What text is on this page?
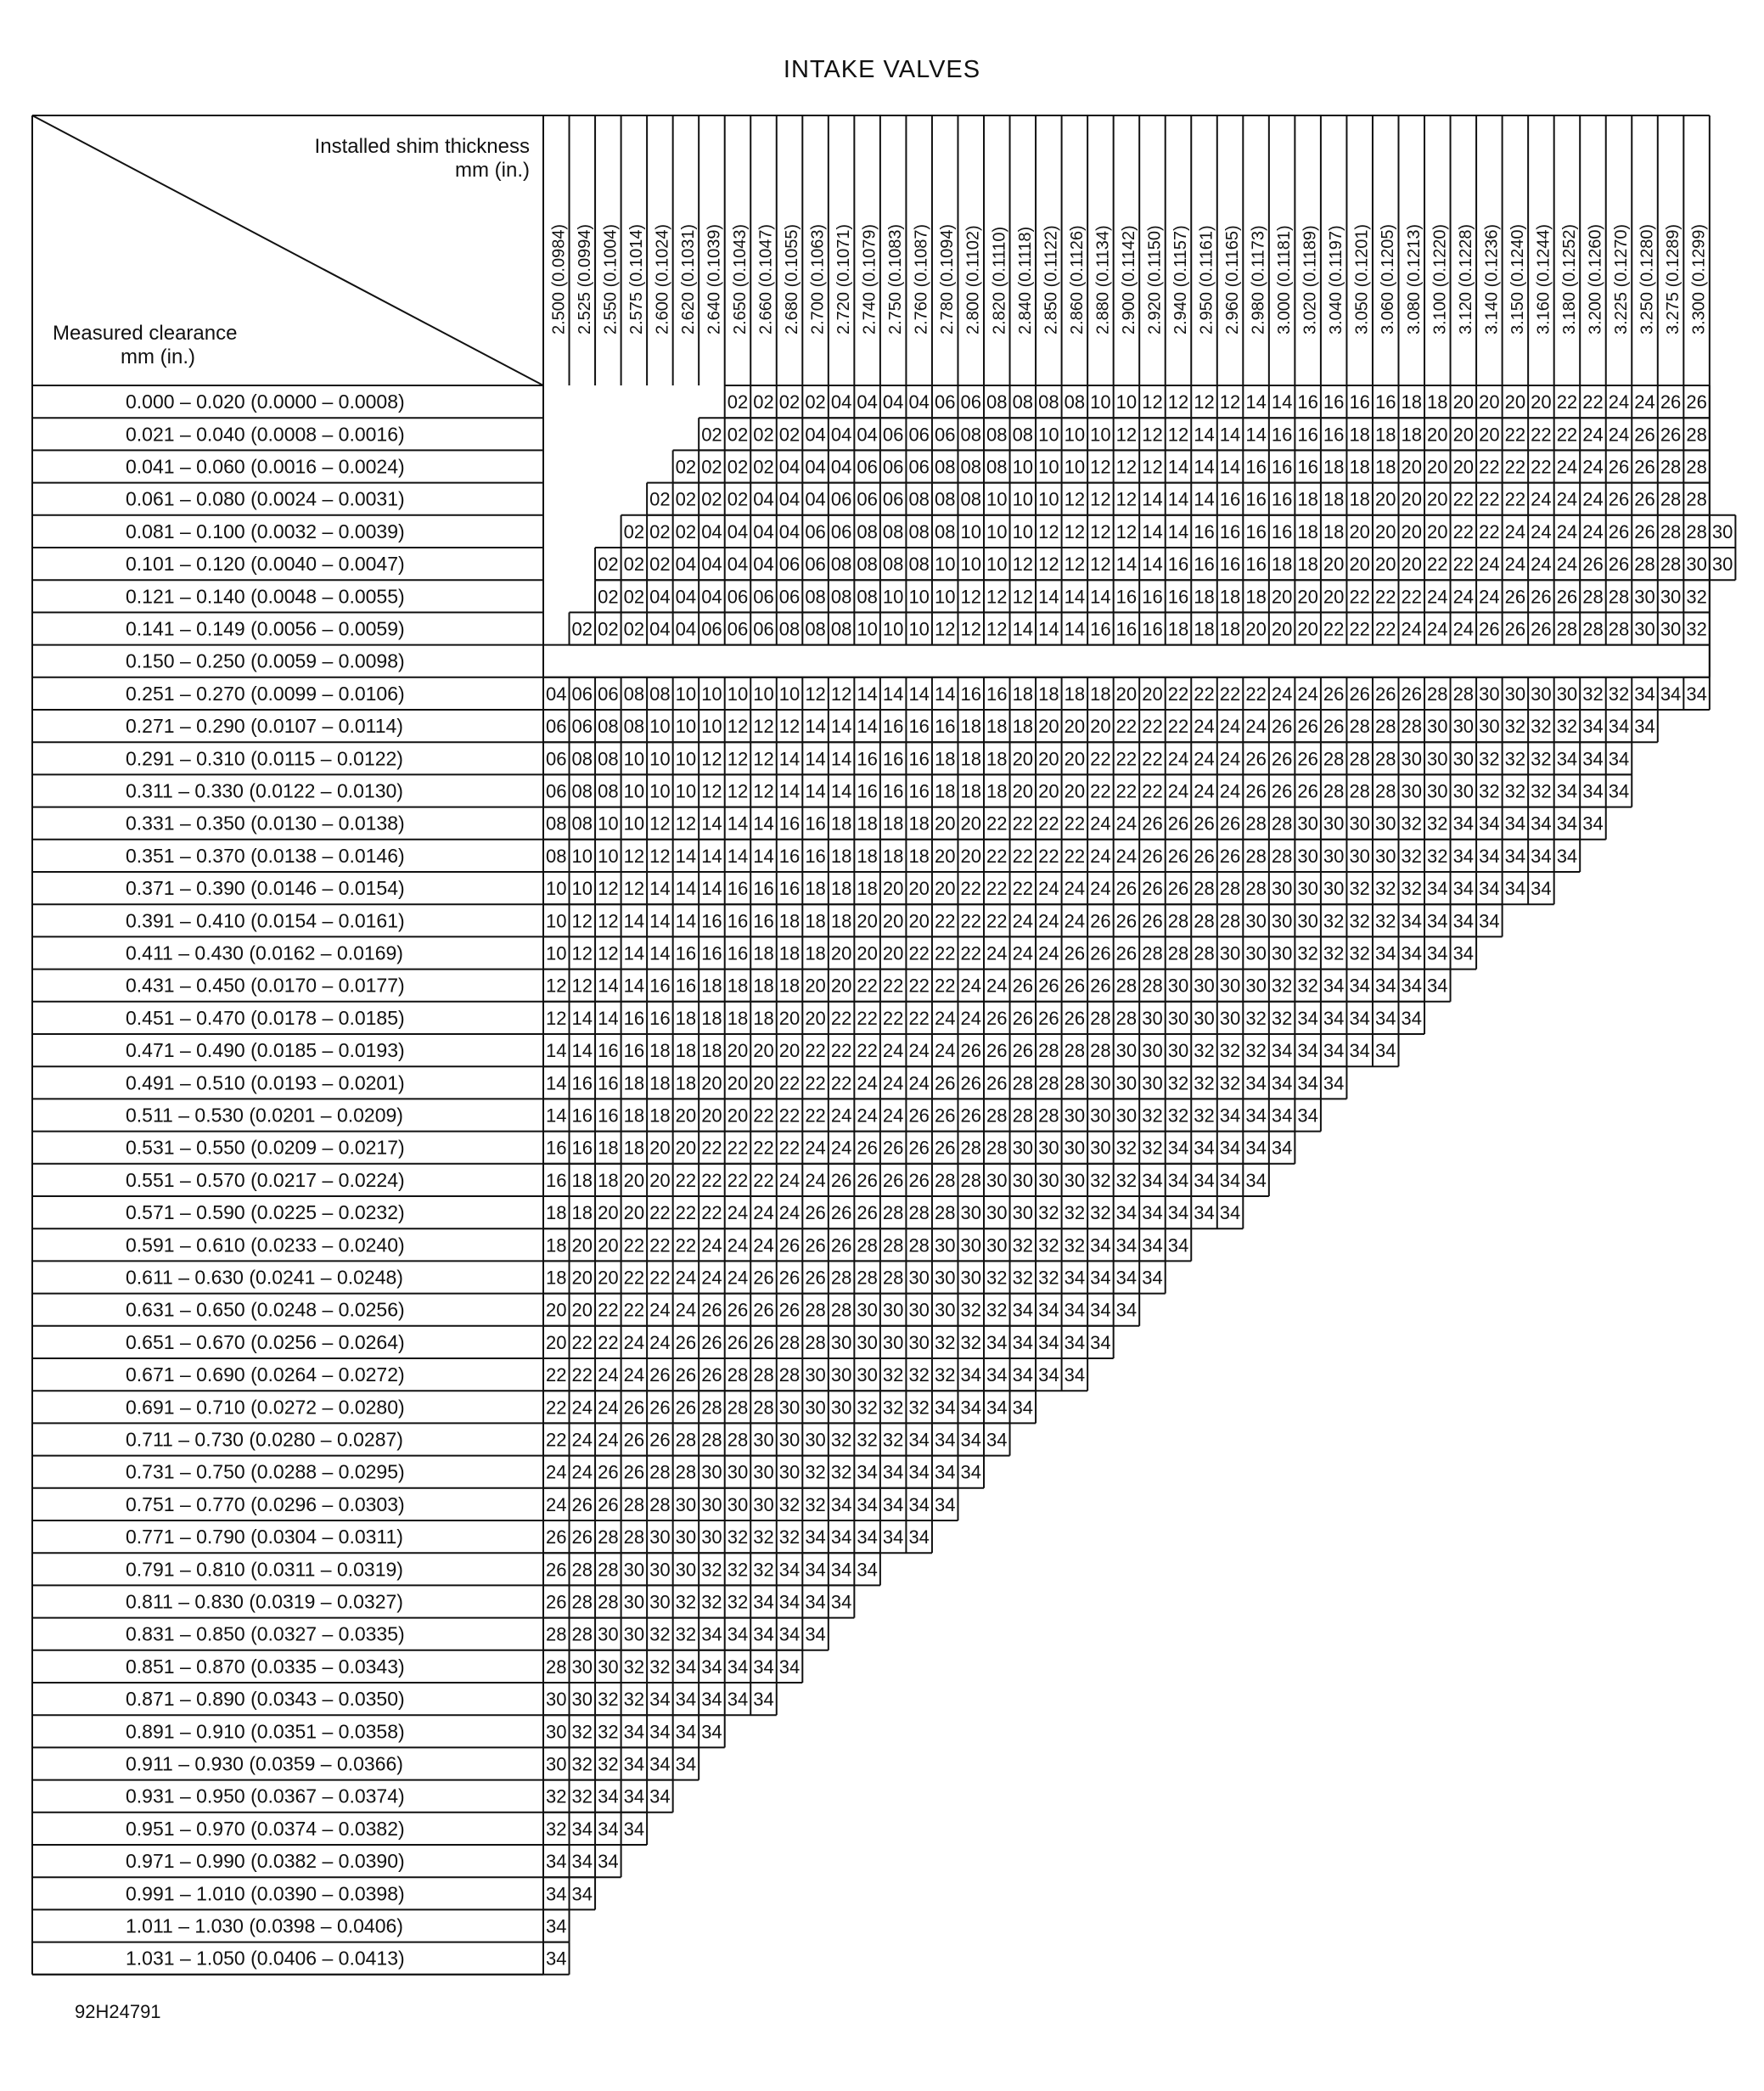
INTAKE VALVES
Installed shim thickness
mm (in.)
Measured clearance
mm (in.)
2.500 (0.0984) 2.525 (0.0994) 2.550 (0.1004) 2.575 (0.1014) 2.600 (0.1024) 2.620 (0.1031) 2.640 (0.1039) 2.650 (0.1043) 2.660 (0.1047) 2.680 (0.1055) 2.700 (0.1063) 2.720 (0.1071) 2.740 (0.1079) 2.750 (0.1083) 2.760 (0.1087) 2.780 (0.1094) 2.800 (0.1102) 2.820 (0.1110) 2.840 (0.1118) 2.850 (0.1122) 2.860 (0.1126) 2.880 (0.1134) 2.900 (0.1142) 2.920 (0.1150) 2.940 (0.1157) 2.950 (0.1161) 2.960 (0.1165) 2.980 (0.1173) 3.000 (0.1181) 3.020 (0.1189) 3.040 (0.1197) 3.050 (0.1201) 3.060 (0.1205) 3.080 (0.1213) 3.100 (0.1220) 3.120 (0.1228) 3.140 (0.1236) 3.150 (0.1240) 3.160 (0.1244) 3.180 (0.1252) 3.200 (0.1260) 3.225 (0.1270) 3.250 (0.1280) 3.275 (0.1289) 3.300 (0.1299)
0.000 – 0.020 (0.0000 – 0.0008)
0.021 – 0.040 (0.0008 – 0.0016)
0.041 – 0.060 (0.0016 – 0.0024)
0.061 – 0.080 (0.0024 – 0.0031)
0.081 – 0.100 (0.0032 – 0.0039)
0.101 – 0.120 (0.0040 – 0.0047)
0.121 – 0.140 (0.0048 – 0.0055)
0.141 – 0.149 (0.0056 – 0.0059)
0.150 – 0.250 (0.0059 – 0.0098)
0.251 – 0.270 (0.0099 – 0.0106)
0.271 – 0.290 (0.0107 – 0.0114)
0.291 – 0.310 (0.0115 – 0.0122)
0.311 – 0.330 (0.0122 – 0.0130)
0.331 – 0.350 (0.0130 – 0.0138)
0.351 – 0.370 (0.0138 – 0.0146)
0.371 – 0.390 (0.0146 – 0.0154)
0.391 – 0.410 (0.0154 – 0.0161)
0.411 – 0.430 (0.0162 – 0.0169)
0.431 – 0.450 (0.0170 – 0.0177)
0.451 – 0.470 (0.0178 – 0.0185)
0.471 – 0.490 (0.0185 – 0.0193)
0.491 – 0.510 (0.0193 – 0.0201)
0.511 – 0.530 (0.0201 – 0.0209)
0.531 – 0.550 (0.0209 – 0.0217)
0.551 – 0.570 (0.0217 – 0.0224)
0.571 – 0.590 (0.0225 – 0.0232)
0.591 – 0.610 (0.0233 – 0.0240)
0.611 – 0.630 (0.0241 – 0.0248)
0.631 – 0.650 (0.0248 – 0.0256)
0.651 – 0.670 (0.0256 – 0.0264)
0.671 – 0.690 (0.0264 – 0.0272)
0.691 – 0.710 (0.0272 – 0.0280)
0.711 – 0.730 (0.0280 – 0.0287)
0.731 – 0.750 (0.0288 – 0.0295)
0.751 – 0.770 (0.0296 – 0.0303)
0.771 – 0.790 (0.0304 – 0.0311)
0.791 – 0.810 (0.0311 – 0.0319)
0.811 – 0.830 (0.0319 – 0.0327)
0.831 – 0.850 (0.0327 – 0.0335)
0.851 – 0.870 (0.0335 – 0.0343)
0.871 – 0.890 (0.0343 – 0.0350)
0.891 – 0.910 (0.0351 – 0.0358)
0.911 – 0.930 (0.0359 – 0.0366)
0.931 – 0.950 (0.0367 – 0.0374)
0.951 – 0.970 (0.0374 – 0.0382)
0.971 – 0.990 (0.0382 – 0.0390)
0.991 – 1.010 (0.0390 – 0.0398)
1.011 – 1.030 (0.0398 – 0.0406)
1.031 – 1.050 (0.0406 – 0.0413)
02 02 02 02 04 04 04 04 06 06 08 08 08 08 10 10 12 12 12 12 14 14 16 16 16 16 18 18 20 20 20 20 22 22 24 24 26 26
02 02 02 02 04 04 04 06 06 06 08 08 08 10 10 10 12 12 12 14 14 14 16 16 16 18 18 18 20 20 20 22 22 22 24 24 26 26 28
02 02 02 02 04 04 04 06 06 06 08 08 08 10 10 10 12 12 12 14 14 14 16 16 16 18 18 18 20 20 20 22 22 22 24 24 26 26 28 28
02 02 02 02 04 04 04 06 06 06 08 08 08 10 10 10 12 12 12 14 14 14 16 16 16 18 18 18 20 20 20 22 22 22 24 24 24 26 26 28 28
02 02 02 04 04 04 04 06 06 08 08 08 08 10 10 10 12 12 12 12 14 14 16 16 16 16 18 18 20 20 20 20 22 22 24 24 24 24 26 26 28 28 30
02 02 02 04 04 04 04 06 06 08 08 08 08 10 10 10 12 12 12 12 14 14 16 16 16 16 18 18 20 20 20 20 22 22 24 24 24 24 26 26 28 28 30 30
02 02 04 04 04 06 06 06 08 08 08 10 10 10 12 12 12 14 14 14 16 16 16 18 18 18 20 20 20 22 22 22 24 24 24 26 26 26 28 28 30 30 32
02 02 02 04 04 06 06 06 08 08 08 10 10 10 12 12 12 14 14 14 16 16 16 18 18 18 20 20 20 22 22 22 24 24 24 26 26 26 28 28 28 30 30 32
04 06 06 08 08 10 10 10 10 10 12 12 14 14 14 14 16 16 18 18 18 18 20 20 22 22 22 22 24 24 26 26 26 26 28 28 30 30 30 30 32 32 34 34 34
06 06 08 08 10 10 10 12 12 12 14 14 14 16 16 16 18 18 18 20 20 20 22 22 22 24 24 24 26 26 26 28 28 28 30 30 30 32 32 32 34 34 34
06 08 08 10 10 10 12 12 12 14 14 14 16 16 16 18 18 18 20 20 20 22 22 22 24 24 24 26 26 26 28 28 28 30 30 30 32 32 32 34 34 34
06 08 08 10 10 10 12 12 12 14 14 14 16 16 16 18 18 18 20 20 20 22 22 22 24 24 24 26 26 26 28 28 28 30 30 30 32 32 32 34 34 34
08 08 10 10 12 12 14 14 14 16 16 18 18 18 18 20 20 22 22 22 22 24 24 26 26 26 26 28 28 30 30 30 30 32 32 34 34 34 34 34 34
08 10 10 12 12 14 14 14 14 16 16 18 18 18 18 20 20 22 22 22 22 24 24 26 26 26 26 28 28 30 30 30 30 32 32 34 34 34 34 34
10 10 12 12 14 14 14 16 16 16 18 18 18 20 20 20 22 22 22 24 24 24 26 26 26 28 28 28 30 30 30 32 32 32 34 34 34 34 34
10 12 12 14 14 14 16 16 16 18 18 18 20 20 20 22 22 22 24 24 24 26 26 26 28 28 28 30 30 30 32 32 32 34 34 34 34
10 12 12 14 14 16 16 16 18 18 18 20 20 20 22 22 22 24 24 24 26 26 26 28 28 28 30 30 30 32 32 32 34 34 34 34
12 12 14 14 16 16 18 18 18 18 20 20 22 22 22 22 24 24 26 26 26 26 28 28 30 30 30 30 32 32 34 34 34 34 34
12 14 14 16 16 18 18 18 18 20 20 22 22 22 22 24 24 26 26 26 26 28 28 30 30 30 30 32 32 34 34 34 34 34
14 14 16 16 18 18 18 20 20 20 22 22 22 24 24 24 26 26 26 28 28 28 30 30 30 32 32 32 34 34 34 34 34
14 16 16 18 18 18 20 20 20 22 22 22 24 24 24 26 26 26 28 28 28 30 30 30 32 32 32 34 34 34 34
14 16 16 18 18 20 20 20 22 22 22 24 24 24 26 26 26 28 28 28 30 30 30 32 32 32 34 34 34 34
16 16 18 18 20 20 22 22 22 22 24 24 26 26 26 26 28 28 30 30 30 30 32 32 34 34 34 34 34
16 18 18 20 20 22 22 22 22 24 24 26 26 26 26 28 28 30 30 30 30 32 32 34 34 34 34 34
18 18 20 20 22 22 22 24 24 24 26 26 26 28 28 28 30 30 30 32 32 32 34 34 34 34 34
18 20 20 22 22 22 24 24 24 26 26 26 28 28 28 30 30 30 32 32 32 34 34 34 34
18 20 20 22 22 24 24 24 26 26 26 28 28 28 30 30 30 32 32 32 34 34 34 34
20 20 22 22 24 24 26 26 26 26 28 28 30 30 30 30 32 32 34 34 34 34 34
20 22 22 24 24 26 26 26 26 28 28 30 30 30 30 32 32 34 34 34 34 34
22 22 24 24 26 26 26 28 28 28 30 30 30 32 32 32 34 34 34 34 34
22 24 24 26 26 26 28 28 28 30 30 30 32 32 32 34 34 34 34
22 24 24 26 26 28 28 28 30 30 30 32 32 32 34 34 34 34
24 24 26 26 28 28 30 30 30 30 32 32 34 34 34 34 34
24 26 26 28 28 30 30 30 30 32 32 34 34 34 34 34
26 26 28 28 30 30 30 32 32 32 34 34 34 34 34
26 28 28 30 30 30 32 32 32 34 34 34 34
26 28 28 30 30 32 32 32 34 34 34 34
28 28 30 30 32 32 34 34 34 34 34
28 30 30 32 32 34 34 34 34 34
30 30 32 32 34 34 34 34 34
30 32 32 34 34 34 34
30 32 32 34 34 34
32 32 34 34 34
32 34 34 34
34 34 34
34 34
34
34
92H24791
